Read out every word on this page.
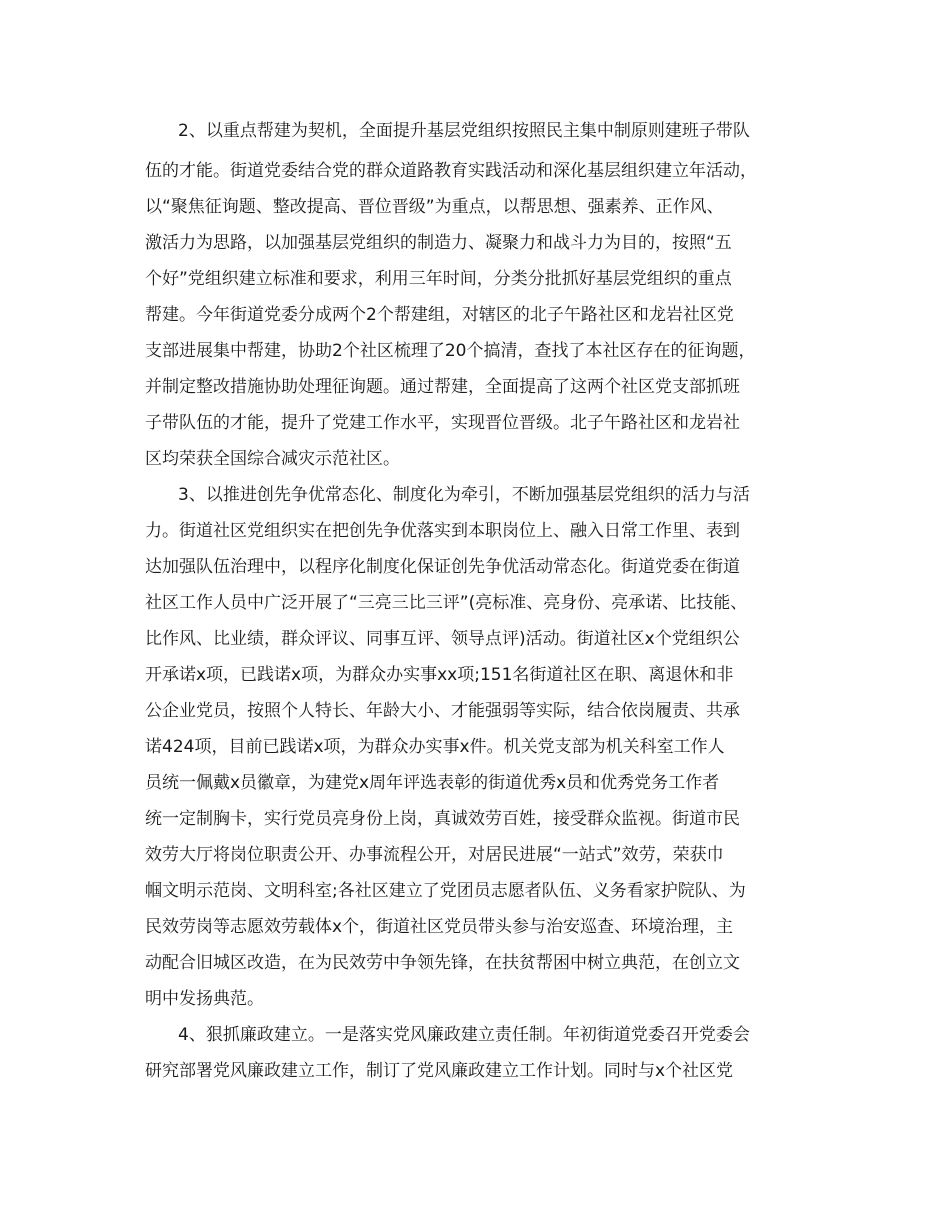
2、以重点帮建为契机，全面提升基层党组织按照民主集中制原则建班子带队

伍的才能。街道党委结合党的群众道路教育实践活动和深化基层组织建立年活动，

以“聚焦征询题、整改提高、晋位晋级”为重点，以帮思想、强素养、正作风、

激活力为思路，以加强基层党组织的制造力、凝聚力和战斗力为目的，按照“五

个好”党组织建立标准和要求，利用三年时间，分类分批抓好基层党组织的重点

帮建。今年街道党委分成两个2个帮建组，对辖区的北子午路社区和龙岩社区党

支部进展集中帮建，协助2个社区梳理了20个搞清，查找了本社区存在的征询题，

并制定整改措施协助处理征询题。通过帮建，全面提高了这两个社区党支部抓班

子带队伍的才能，提升了党建工作水平，实现晋位晋级。北子午路社区和龙岩社

区均荣获全国综合减灾示范社区。

3、以推进创先争优常态化、制度化为牵引，不断加强基层党组织的活力与活

力。街道社区党组织实在把创先争优落实到本职岗位上、融入日常工作里、表到

达加强队伍治理中，以程序化制度化保证创先争优活动常态化。街道党委在街道

社区工作人员中广泛开展了“三亮三比三评”(亮标准、亮身份、亮承诺、比技能、

比作风、比业绩，群众评议、同事互评、领导点评)活动。街道社区x个党组织公

开承诺x项，已践诺x项，为群众办实事xx项;151名街道社区在职、离退休和非

公企业党员，按照个人特长、年龄大小、才能强弱等实际，结合依岗履责、共承

诺424项，目前已践诺x项，为群众办实事x件。机关党支部为机关科室工作人

员统一佩戴x员徽章，为建党x周年评选表彰的街道优秀x员和优秀党务工作者

统一定制胸卡，实行党员亮身份上岗，真诚效劳百姓，接受群众监视。街道市民

效劳大厅将岗位职责公开、办事流程公开，对居民进展“一站式”效劳，荣获巾

帼文明示范岗、文明科室;各社区建立了党团员志愿者队伍、义务看家护院队、为

民效劳岗等志愿效劳载体x个，街道社区党员带头参与治安巡查、环境治理，主

动配合旧城区改造，在为民效劳中争领先锋，在扶贫帮困中树立典范，在创立文

明中发扬典范。

4、狠抓廉政建立。一是落实党风廉政建立责任制。年初街道党委召开党委会

研究部署党风廉政建立工作，制订了党风廉政建立工作计划。同时与x个社区党
